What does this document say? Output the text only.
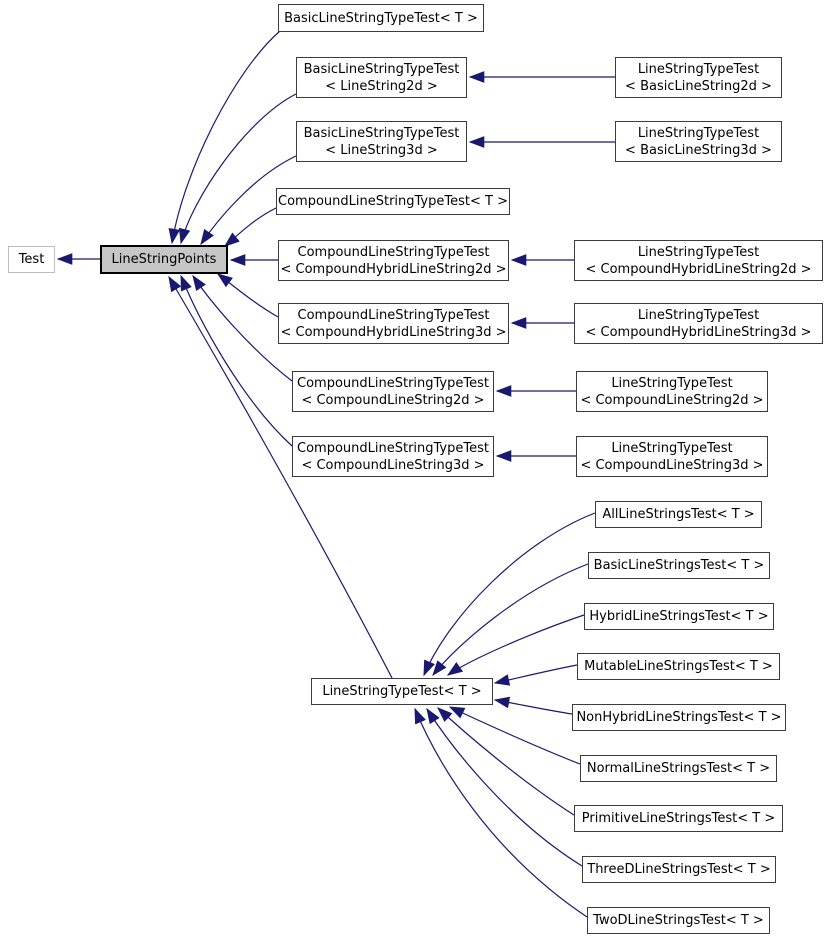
Test	LineStringPoints
BasicLineStringTypeTest< T >
BasicLineStringTypeTest
< LineString2d >
BasicLineStringTypeTest
< LineString3d >
CompoundLineStringTypeTest< T >
CompoundLineStringTypeTest
< CompoundHybridLineString2d >
CompoundLineStringTypeTest
< CompoundHybridLineString3d >
CompoundLineStringTypeTest
< CompoundLineString2d >
CompoundLineStringTypeTest
< CompoundLineString3d >
LineStringTypeTest
< BasicLineString2d >
LineStringTypeTest
< BasicLineString3d >
LineStringTypeTest
< CompoundHybridLineString2d >
LineStringTypeTest
< CompoundHybridLineString3d >
LineStringTypeTest
< CompoundLineString2d >
LineStringTypeTest
< CompoundLineString3d >
LineStringTypeTest< T >
AllLineStringsTest< T >
BasicLineStringsTest< T >
HybridLineStringsTest< T >
MutableLineStringsTest< T >
NonHybridLineStringsTest< T >
NormalLineStringsTest< T >
PrimitiveLineStringsTest< T >
ThreeDLineStringsTest< T >
TwoDLineStringsTest< T >
